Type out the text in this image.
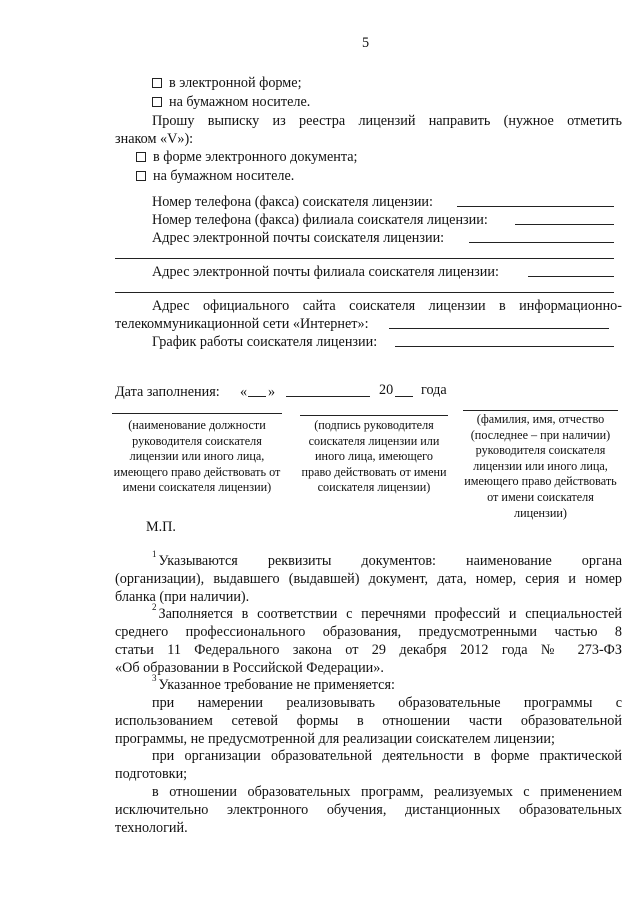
5
в электронной форме;
на бумажном носителе.
Прошу выписку из реестра лицензий направить (нужное отметить
знаком «V»):
в форме электронного документа;
на бумажном носителе.
Номер телефона (факса) соискателя лицензии:
Номер телефона (факса) филиала соискателя лицензии:
Адрес электронной почты соискателя лицензии:
Адрес электронной почты филиала соискателя лицензии:
Адрес официального сайта соискателя лицензии в информационно-
телекоммуникационной сети «Интернет»:
График работы соискателя лицензии:
Дата заполнения: « »	20 года
(наименование должности руководителя соискателя лицензии или иного лица, имеющего право действовать от имени соискателя лицензии)
(подпись руководителя соискателя лицензии или иного лица, имеющего право действовать от имени соискателя лицензии)
(фамилия, имя, отчество (последнее – при наличии) руководителя соискателя лицензии или иного лица, имеющего право действовать от имени соискателя лицензии)
М.П.
$^1$ Указываются реквизиты документов: наименование органа
(организации), выдавшего (выдавшей) документ, дата, номер, серия и номер
бланка (при наличии).
$^2$ Заполняется в соответствии с перечнями профессий и специальностей
среднего профессионального образования, предусмотренными частью 8
статьи 11 Федерального закона от 29 декабря 2012 года № 273-ФЗ
«Об образовании в Российской Федерации».
$^3$ Указанное требование не применяется:
при намерении реализовывать образовательные программы с
использованием сетевой формы в отношении части образовательной
программы, не предусмотренной для реализации соискателем лицензии;
при организации образовательной деятельности в форме практической
подготовки;
в отношении образовательных программ, реализуемых с применением
исключительно электронного обучения, дистанционных образовательных
технологий.
